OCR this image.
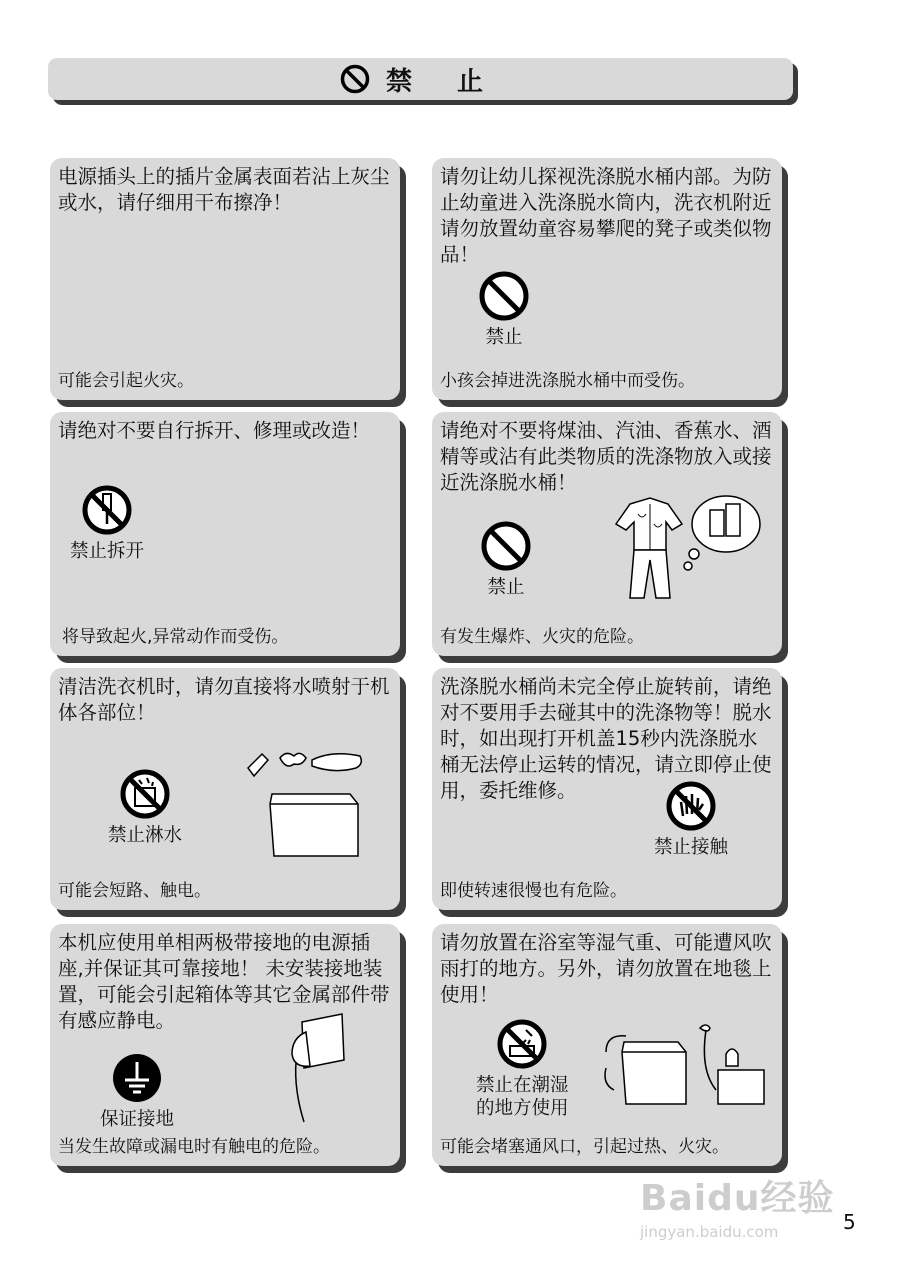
禁 止
电源插头上的插片金属表面若沾上灰尘或水，请仔细用干布擦净！
可能会引起火灾。
请勿让幼儿探视洗涤脱水桶内部。为防止幼童进入洗涤脱水筒内，洗衣机附近请勿放置幼童容易攀爬的凳子或类似物品！
禁止
小孩会掉进洗涤脱水桶中而受伤。
请绝对不要自行拆开、修理或改造！
禁止拆开
将导致起火,异常动作而受伤。
请绝对不要将煤油、汽油、香蕉水、酒精等或沾有此类物质的洗涤物放入或接近洗涤脱水桶！
禁止
有发生爆炸、火灾的危险。
清洁洗衣机时，请勿直接将水喷射于机体各部位！
禁止淋水
可能会短路、触电。
洗涤脱水桶尚未完全停止旋转前，请绝对不要用手去碰其中的洗涤物等！脱水时，如出现打开机盖15秒内洗涤脱水桶无法停止运转的情况，请立即停止使用，委托维修。
禁止接触
即使转速很慢也有危险。
本机应使用单相两极带接地的电源插座,并保证其可靠接地！ 未安装接地装置，可能会引起箱体等其它金属部件带有感应静电。
保证接地
当发生故障或漏电时有触电的危险。
请勿放置在浴室等湿气重、可能遭风吹雨打的地方。另外，请勿放置在地毯上使用！
禁止在潮湿
的地方使用
可能会堵塞通风口，引起过热、火灾。
Baidu经验
jingyan.baidu.com	5
